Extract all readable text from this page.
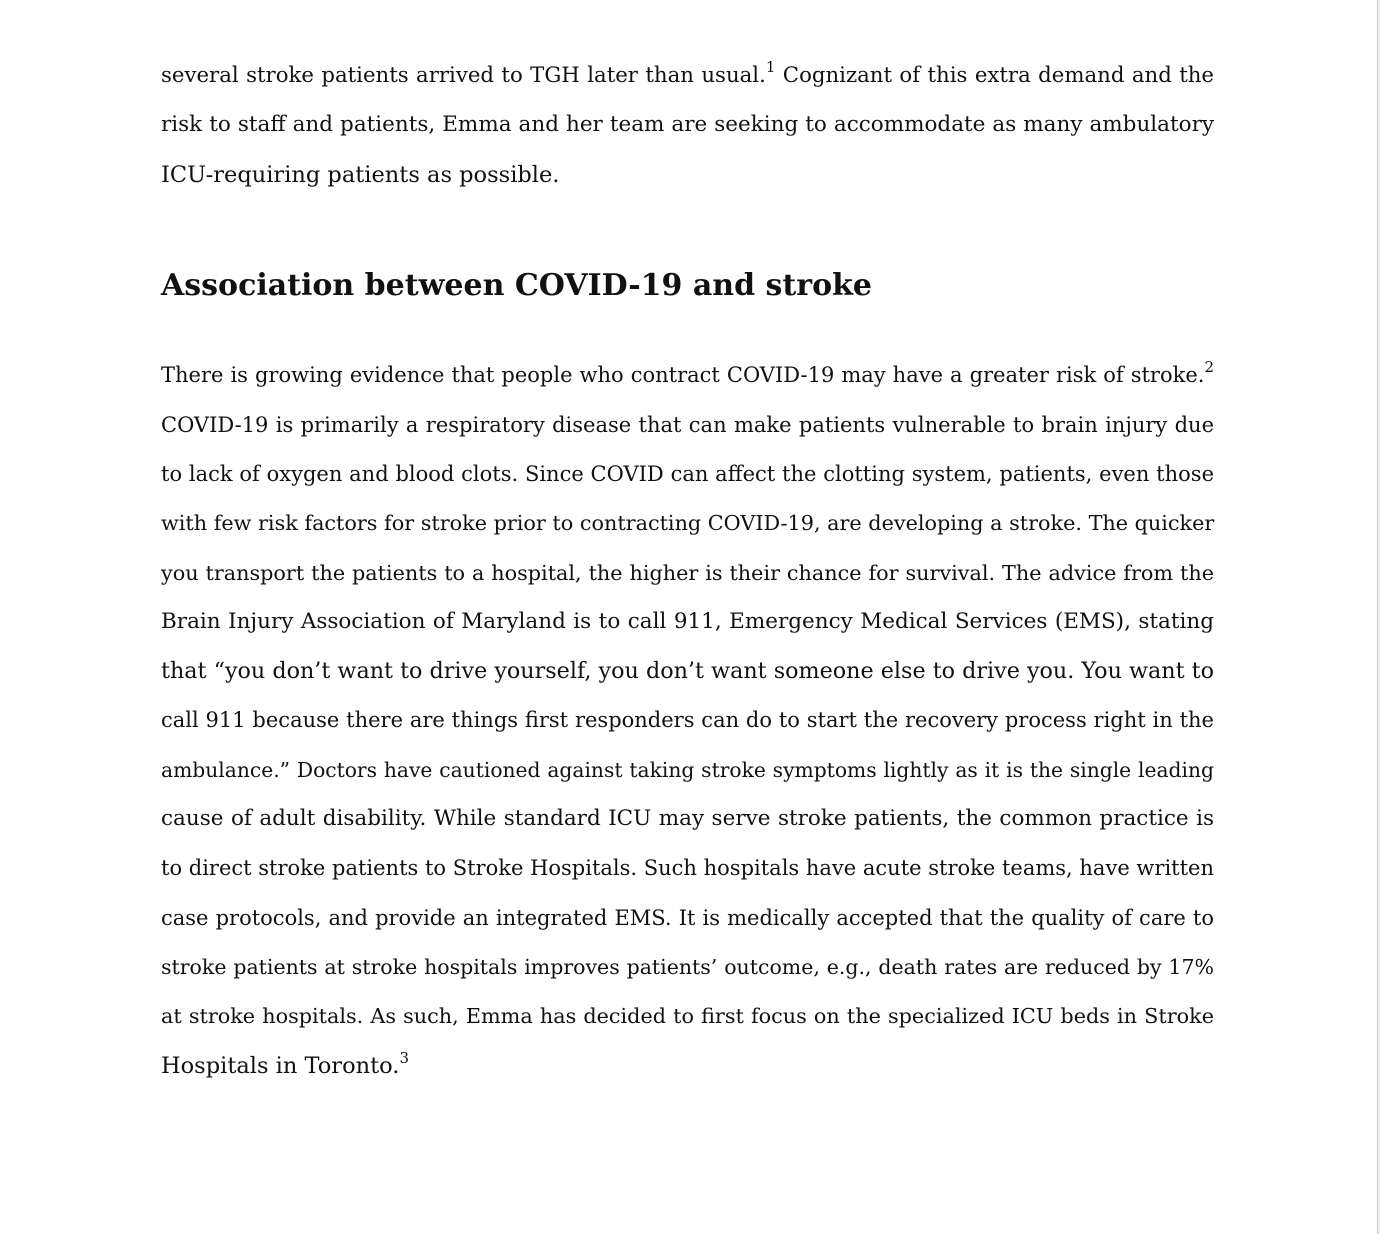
several stroke patients arrived to TGH later than usual.$^1$ Cognizant of this extra demand and the

risk to staff and patients, Emma and her team are seeking to accommodate as many ambulatory

ICU-requiring patients as possible.

Association between COVID-19 and stroke

There is growing evidence that people who contract COVID-19 may have a greater risk of stroke.$^2$

COVID-19 is primarily a respiratory disease that can make patients vulnerable to brain injury due

to lack of oxygen and blood clots. Since COVID can affect the clotting system, patients, even those

with few risk factors for stroke prior to contracting COVID-19, are developing a stroke. The quicker

you transport the patients to a hospital, the higher is their chance for survival. The advice from the

Brain Injury Association of Maryland is to call 911, Emergency Medical Services (EMS), stating

that “you don’t want to drive yourself, you don’t want someone else to drive you. You want to

call 911 because there are things first responders can do to start the recovery process right in the

ambulance.” Doctors have cautioned against taking stroke symptoms lightly as it is the single leading

cause of adult disability. While standard ICU may serve stroke patients, the common practice is

to direct stroke patients to Stroke Hospitals. Such hospitals have acute stroke teams, have written

case protocols, and provide an integrated EMS. It is medically accepted that the quality of care to

stroke patients at stroke hospitals improves patients’ outcome, e.g., death rates are reduced by 17%

at stroke hospitals. As such, Emma has decided to first focus on the specialized ICU beds in Stroke

Hospitals in Toronto.$^3$
